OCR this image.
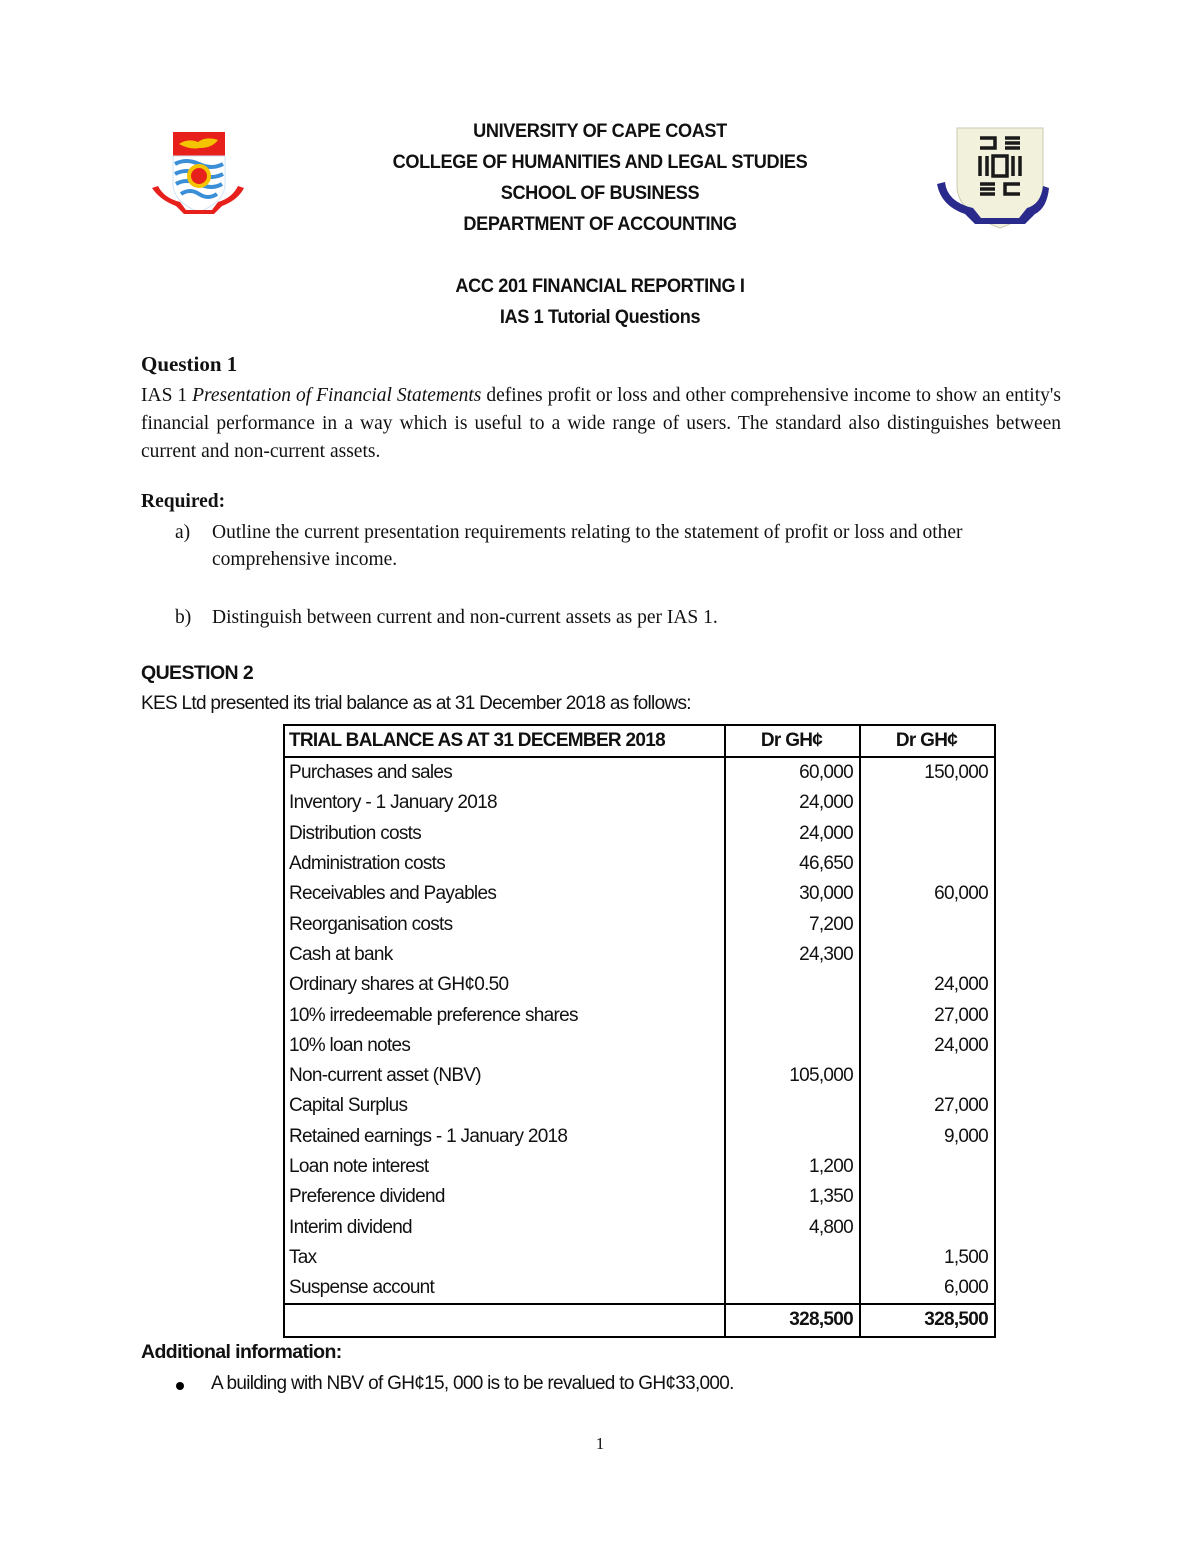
UNIVERSITY OF CAPE COAST
COLLEGE OF HUMANITIES AND LEGAL STUDIES
SCHOOL OF BUSINESS
DEPARTMENT OF ACCOUNTING
ACC 201 FINANCIAL REPORTING I
IAS 1 Tutorial Questions
Question 1
IAS 1 Presentation of Financial Statements defines profit or loss and other comprehensive income to show an entity's financial performance in a way which is useful to a wide range of users. The standard also distinguishes between current and non-current assets.
Required:
a) Outline the current presentation requirements relating to the statement of profit or loss and other comprehensive income.
b) Distinguish between current and non-current assets as per IAS 1.
QUESTION 2
KES Ltd presented its trial balance as at 31 December 2018 as follows:
TRIAL BALANCE AS AT 31 DECEMBER 2018	Dr GH¢	Dr GH¢
Purchases and sales	60,000	150,000
Inventory - 1 January 2018	24,000	
Distribution costs	24,000	
Administration costs	46,650	
Receivables and Payables	30,000	60,000
Reorganisation costs	7,200	
Cash at bank	24,300	
Ordinary shares at GH¢0.50		24,000
10% irredeemable preference shares		27,000
10% loan notes		24,000
Non-current asset (NBV)	105,000	
Capital Surplus		27,000
Retained earnings - 1 January 2018		9,000
Loan note interest	1,200	
Preference dividend	1,350	
Interim dividend	4,800	
Tax		1,500
Suspense account		6,000
	328,500	328,500
Additional information:
A building with NBV of GH¢15, 000 is to be revalued to GH¢33,000.
1
